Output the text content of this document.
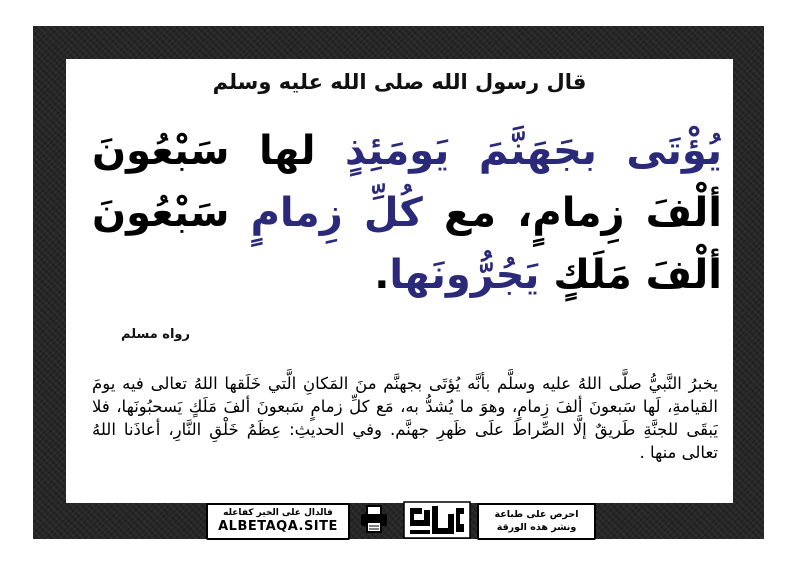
قال رسول الله صلى الله عليه وسلم
يُؤْتَى بجَهَنَّمَ يَومَئِذٍ لها سَبْعُونَ ألْفَ زِمامٍ، مع كُلِّ زِمامٍ سَبْعُونَ ألْفَ مَلَكٍ يَجُرُّونَها.
رواه مسلم
يخبرُ النَّبيُّ صلَّى اللهُ عليه وسلَّم بأنَّه يُؤتَى بجهنَّم منَ المَكانِ الَّتي خَلَقها اللهُ تعالى فيه يومَ القيامةِ، لَها سَبعونَ ألفَ زِمامٍ، وهوَ ما يُشدُّ به، مَع كلِّ زمامٍ سَبعونَ ألفَ مَلَكٍ يَسحبُونَها، فلا يَبقَى للجنَّةِ طَريقٌ إلَّا الصِّراطَ علَى ظَهرِ جهنَّم. وفي الحديثِ: عِظَمُ خَلْقِ النَّارِ، أعاذَنا اللهُ تعالى منها .
فالدال على الخير كفاعله
ALBETAQA.SITE
احرص على طباعة
ونشر هذه الورقة
